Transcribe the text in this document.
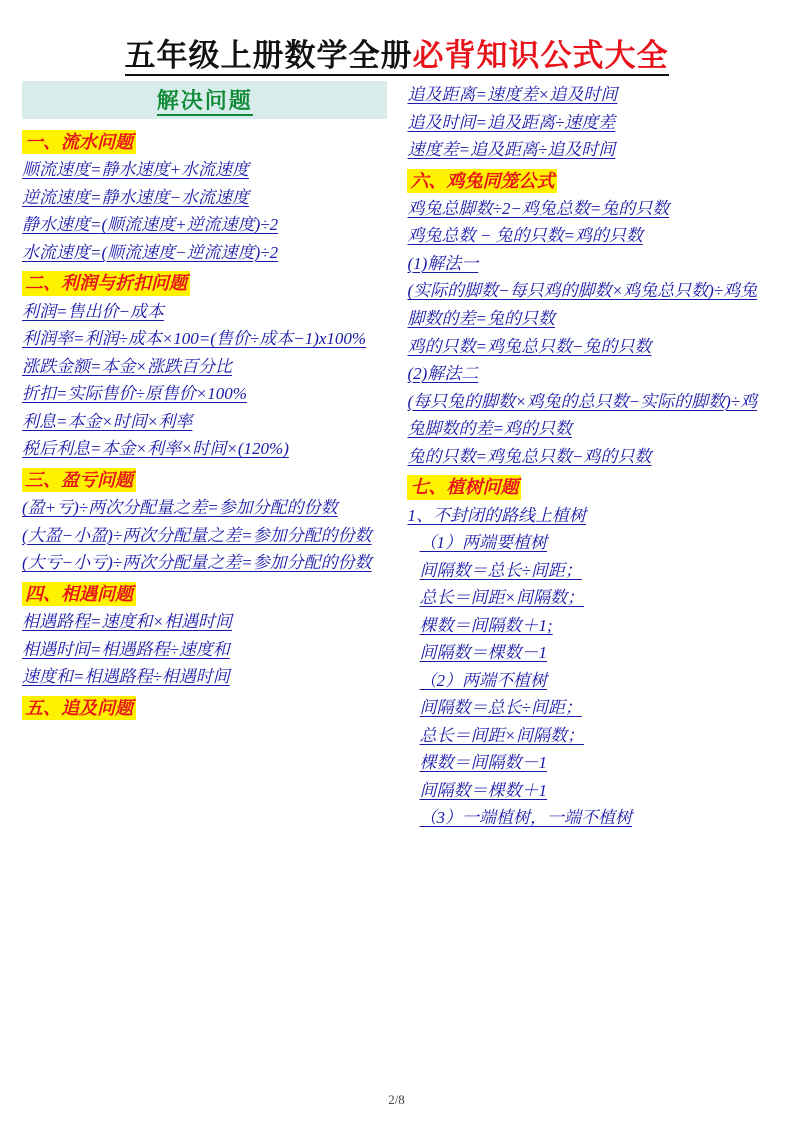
五年级上册数学全册必背知识公式大全
解决问题
一、流水问题
顺流速度=静水速度+水流速度
逆流速度=静水速度−水流速度
静水速度=(顺流速度+逆流速度)÷2
水流速度=(顺流速度−逆流速度)÷2
二、利润与折扣问题
利润=售出价−成本
利润率=利润÷成本×100=(售价÷成本−1)x100%
涨跌金额=本金×涨跌百分比
折扣=实际售价÷原售价×100%
利息=本金×时间×利率
税后利息=本金×利率×时间×(120%)
三、盈亏问题
(盈+亏)÷两次分配量之差=参加分配的份数
(大盈−小盈)÷两次分配量之差=参加分配的份数
(大亏−小亏)÷两次分配量之差=参加分配的份数
四、相遇问题
相遇路程=速度和×相遇时间
相遇时间=相遇路程÷速度和
速度和=相遇路程÷相遇时间
五、追及问题
追及距离=速度差×追及时间
追及时间=追及距离÷速度差
速度差=追及距离÷追及时间
六、鸡兔同笼公式
鸡兔总脚数÷2−鸡兔总数=兔的只数
鸡兔总数 − 兔的只数=鸡的只数
(1)解法一
(实际的脚数−每只鸡的脚数×鸡兔总只数)÷鸡兔脚数的差=兔的只数
鸡的只数=鸡兔总只数−兔的只数
(2)解法二
(每只兔的脚数×鸡兔的总只数−实际的脚数)÷鸡兔脚数的差=鸡的只数
兔的只数=鸡兔总只数−鸡的只数
七、植树问题
1、不封闭的路线上植树
（1）两端要植树
间隔数＝总长÷间距；
总长＝间距×间隔数；
棵数＝间隔数＋1;
间隔数＝棵数－1
（2）两端不植树
间隔数＝总长÷间距；
总长＝间距×间隔数；
棵数＝间隔数－1
间隔数＝棵数＋1
（3）一端植树，一端不植树
2/8
